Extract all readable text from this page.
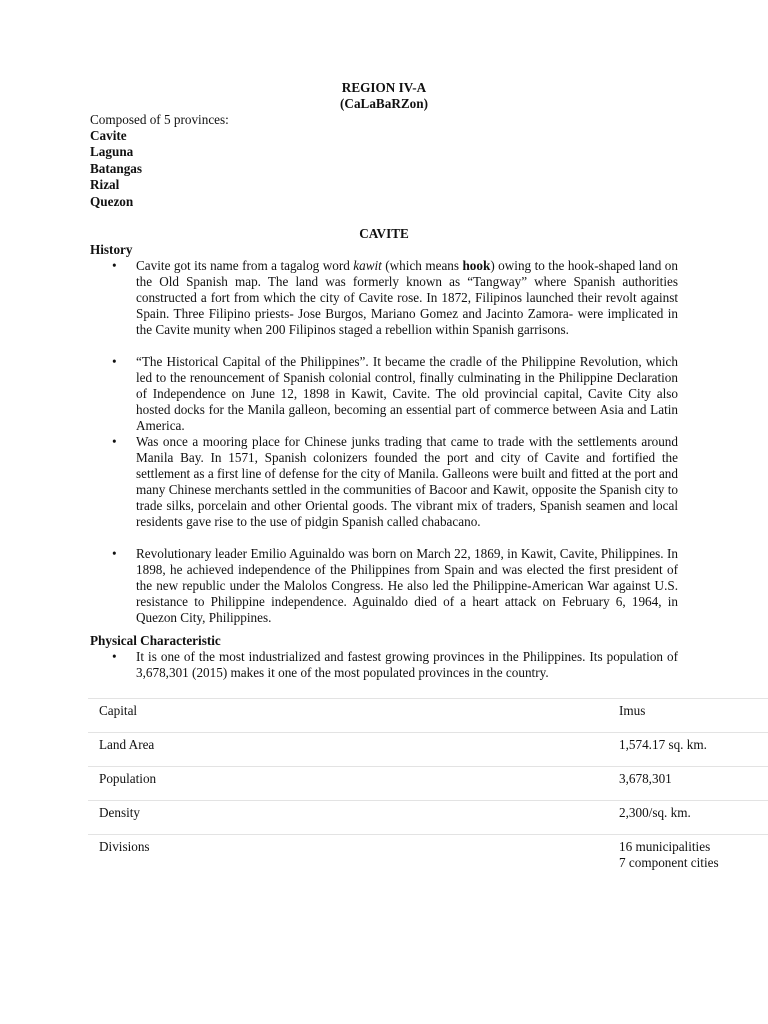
REGION IV-A
(CaLaBaRZon)
Composed of 5 provinces:
Cavite
Laguna
Batangas
Rizal
Quezon
CAVITE
History
• Cavite got its name from a tagalog word kawit (which means hook) owing to the hook-shaped land on the Old Spanish map. The land was formerly known as “Tangway” where Spanish authorities constructed a fort from which the city of Cavite rose. In 1872, Filipinos launched their revolt against Spain. Three Filipino priests- Jose Burgos, Mariano Gomez and Jacinto Zamora- were implicated in the Cavite munity when 200 Filipinos staged a rebellion within Spanish garrisons.
• “The Historical Capital of the Philippines”. It became the cradle of the Philippine Revolution, which led to the renouncement of Spanish colonial control, finally culminating in the Philippine Declaration of Independence on June 12, 1898 in Kawit, Cavite. The old provincial capital, Cavite City also hosted docks for the Manila galleon, becoming an essential part of commerce between Asia and Latin America.
• Was once a mooring place for Chinese junks trading that came to trade with the settlements around Manila Bay. In 1571, Spanish colonizers founded the port and city of Cavite and fortified the settlement as a first line of defense for the city of Manila. Galleons were built and fitted at the port and many Chinese merchants settled in the communities of Bacoor and Kawit, opposite the Spanish city to trade silks, porcelain and other Oriental goods. The vibrant mix of traders, Spanish seamen and local residents gave rise to the use of pidgin Spanish called chabacano.
• Revolutionary leader Emilio Aguinaldo was born on March 22, 1869, in Kawit, Cavite, Philippines. In 1898, he achieved independence of the Philippines from Spain and was elected the first president of the new republic under the Malolos Congress. He also led the Philippine-American War against U.S. resistance to Philippine independence. Aguinaldo died of a heart attack on February 6, 1964, in Quezon City, Philippines.
Physical Characteristic
• It is one of the most industrialized and fastest growing provinces in the Philippines. Its population of 3,678,301 (2015) makes it one of the most populated provinces in the country.
Capital	Imus
Land Area	1,574.17 sq. km.
Population	3,678,301
Density	2,300/sq. km.
Divisions	16 municipalities
7 component cities
